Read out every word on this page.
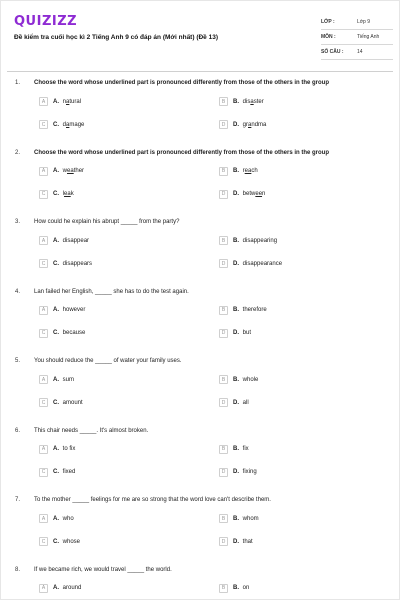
QUIZIZZ
Đề kiểm tra cuối học kì 2 Tiếng Anh 9 có đáp án (Mới nhất) (Đề 13)
LỚP :	Lớp 9
MÔN :	Tiếng Anh
SỐ CÂU :	14
1. Choose the word whose underlined part is pronounced differently from those of the others in the group
A	A. natural	B	B. disaster
C	C. damage	D	D. grandma
2. Choose the word whose underlined part is pronounced differently from those of the others in the group
A	A. weather	B	B. reach
C	C. leak	D	D. between
3. How could he explain his abrupt _____ from the party?
A	A. disappear	B	B. disappearing
C	C. disappears	D	D. disappearance
4. Lan failed her English, _____ she has to do the test again.
A	A. however	B	B. therefore
C	C. because	D	D. but
5. You should reduce the _____ of water your family uses.
A	A. sum	B	B. whole
C	C. amount	D	D. all
6. This chair needs _____. It's almost broken.
A	A. to fix	B	B. fix
C	C. fixed	D	D. fixing
7. To the mother _____ feelings for me are so strong that the word love can't describe them.
A	A. who	B	B. whom
C	C. whose	D	D. that
8. If we became rich, we would travel _____ the world.
A	A. around	B	B. on
